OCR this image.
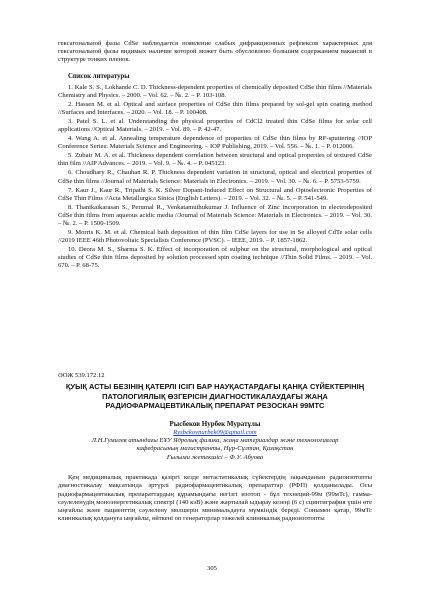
гексагональной фазы CdSe наблюдается появление слабых дифракционных рефлексов характерных для гексагональной фазы видимых наличие которой может быть обусловлено большим содержанием вакансий в структуре тонких пленок.
Список литературы
1. Kale S. S., Lokhande C. D. Thickness-dependent properties of chemically deposited CdSe thin films //Materials Chemistry and Physics. – 2000. – Vol. 62. – №. 2. – P. 103-108.
2. Hassen M. et al. Optical and surface properties of CdSe thin films prepared by sol-gel spin coating method //Surfaces and Interfaces. – 2020. – Vol. 18. – P. 100408.
3. Patel S. L. et al. Understanding the physical properties of CdCl2 treated thin CdSe films for solar cell applications //Optical Materials. – 2019. – Vol. 89. – P. 42-47.
4. Wang A. et al. Annealing temperature dependence of properties of CdSe thin films by RF-sputtering //IOP Conference Series: Materials Science and Engineering. – IOP Publishing, 2019. – Vol. 556. – №. 1. – P. 012006.
5. Zubair M. A. et al. Thickness dependent correlation between structural and optical properties of textured CdSe thin film //AIP Advances. – 2019. – Vol. 9. – №. 4. – P. 045123.
6. Choudhary R., Chauhan R. P. Thickness dependent variation in structural, optical and electrical properties of CdSe thin films //Journal of Materials Science: Materials in Electronics. – 2019. – Vol. 30. – №. 6. – P. 5753-5759.
7. Kaur J., Kaur R., Tripathi S. K. Silver Dopant-Induced Effect on Structural and Optoelectronic Properties of CdSe Thin Films //Acta Metallurgica Sinica (English Letters). – 2019. – Vol. 32. – №. 5. – P. 541-549.
8. Thanikaikarasan S., Perumal R., Venkatamuthukumar J. Influence of Zinc incorporation in electrodeposited CdSe thin films from aqueous acidic media //Journal of Materials Science: Materials in Electronics. – 2019. – Vol. 30. – №. 2. – P. 1500-1509.
9. Morris K. M. et al. Chemical bath deposition of thin film CdSe layers for use in Se alloyed CdTe solar cells //2019 IEEE 46th Photovoltaic Specialists Conference (PVSC). – IEEE, 2019. – P. 1857-1862.
10. Deora M. S., Sharma S. K. Effect of incorporation of sulphur on the structural, morphological and optical studies of CdSe thin films deposited by solution processed spin coating technique //Thin Solid Films. – 2019. – Vol. 670. – P. 68-75.
ӘОЖ 539.172.12
ҚУЫҚ АСТЫ БЕЗІНІҢ ҚАТЕРЛІ ІСІГІ БАР НАУҚАСТАРДАҒЫ ҚАНҚА СҮЙЕКТЕРІНІҢ ПАТОЛОГИЯЛЫҚ ӨЗГЕРІСІН ДИАГНОСТИКАЛАУДАҒЫ ЖАҢА РАДИОФАРМАЦЕВТИКАЛЫҚ ПРЕПАРАТ РЕЗОСКАН 99МТС
Рысбеков Нурбек Муратұлы
Rysbekovnurbek09@gmail.com
Л.Н.Гумилев атындағы ЕҰУ Ядролық физика, жаңа материалдар және технологиялар
кафедрасының магистранты, Нұр-Сұлтан, Қазақстан
Ғылыми жетекшісі – Ф.У. Абуова
Қең медициналық практикада қазіргі кезде метастатикалық сүйектердің зақымданын радиоизотопты диагностикалау мақсатында әртүрлі радиофармацевтикалық препараттар (РФП) қолданылады. Осы радиофармацевтикалық препараттардың құрамындағы негізгі изотоп - бұл технеций-99м (99мTc), гамма-сәулеленудің моноэнергетикалық спектрі (140 кэВ) және жартылай ыдырау кезеңі (6 с) сцинтиграфия үшін өте ыңғайлы және пациенттің сәулелену мөлшерін минимальдауға мүмкіндік береді. Сонымен қатар, 99мTc клиникалық қолдануға ыңғайлы, өйткені оп генераторлар тәжелей клиникалық радиоизотопты
305
